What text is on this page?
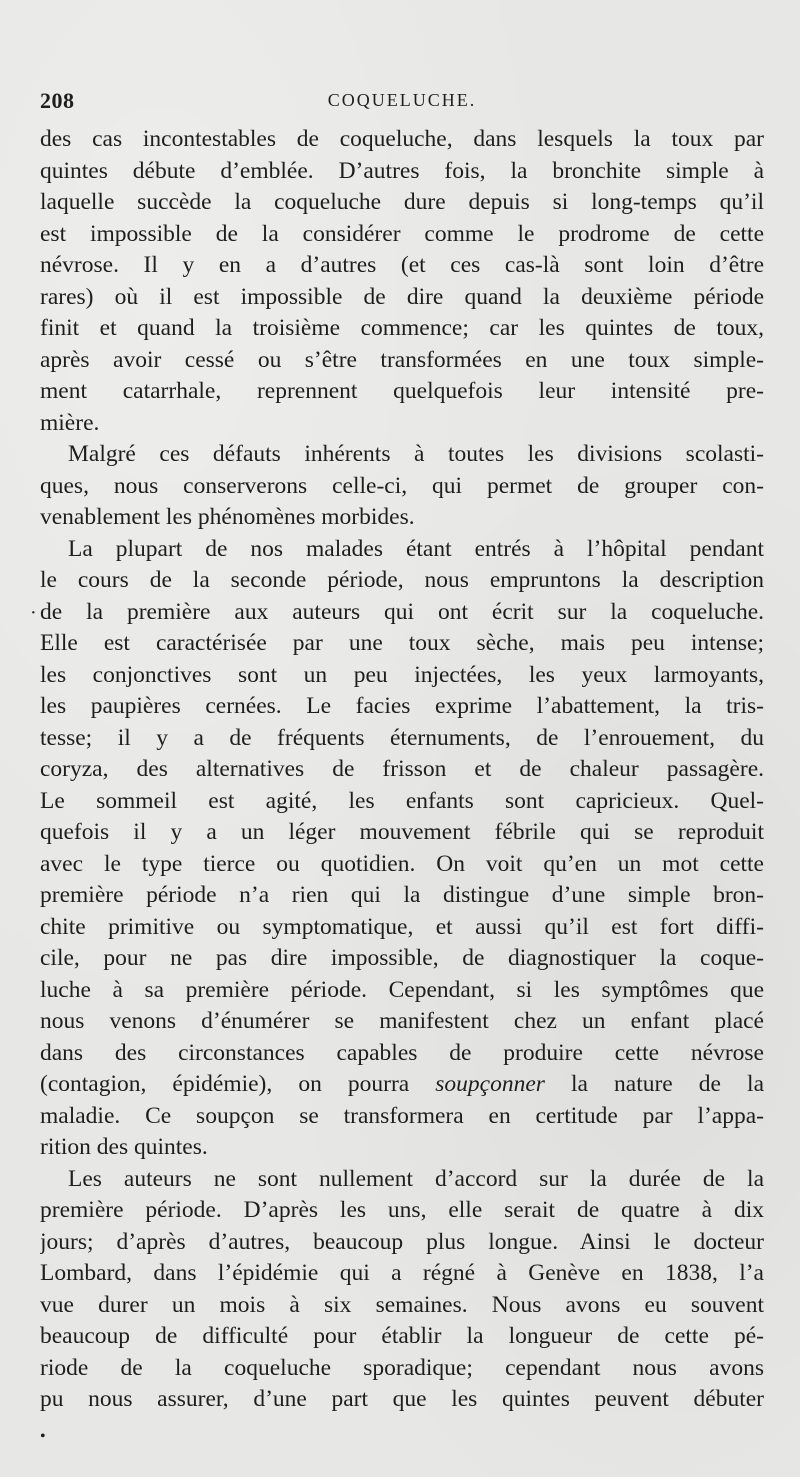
208	COQUELUCHE.
des cas incontestables de coqueluche, dans lesquels la toux par
quintes débute d’emblée. D’autres fois, la bronchite simple à
laquelle succède la coqueluche dure depuis si long-temps qu’il
est impossible de la considérer comme le prodrome de cette
névrose. Il y en a d’autres (et ces cas-là sont loin d’être
rares) où il est impossible de dire quand la deuxième période
finit et quand la troisième commence; car les quintes de toux,
après avoir cessé ou s’être transformées en une toux simple-
ment catarrhale, reprennent quelquefois leur intensité pre-
mière.
Malgré ces défauts inhérents à toutes les divisions scolasti-
ques, nous conserverons celle-ci, qui permet de grouper con-
venablement les phénomènes morbides.
La plupart de nos malades étant entrés à l’hôpital pendant
le cours de la seconde période, nous empruntons la description
de la première aux auteurs qui ont écrit sur la coqueluche.
Elle est caractérisée par une toux sèche, mais peu intense;
les conjonctives sont un peu injectées, les yeux larmoyants,
les paupières cernées. Le facies exprime l’abattement, la tris-
tesse; il y a de fréquents éternuments, de l’enrouement, du
coryza, des alternatives de frisson et de chaleur passagère.
Le sommeil est agité, les enfants sont capricieux. Quel-
quefois il y a un léger mouvement fébrile qui se reproduit
avec le type tierce ou quotidien. On voit qu’en un mot cette
première période n’a rien qui la distingue d’une simple bron-
chite primitive ou symptomatique, et aussi qu’il est fort diffi-
cile, pour ne pas dire impossible, de diagnostiquer la coque-
luche à sa première période. Cependant, si les symptômes que
nous venons d’énumérer se manifestent chez un enfant placé
dans des circonstances capables de produire cette névrose
(contagion, épidémie), on pourra soupçonner la nature de la
maladie. Ce soupçon se transformera en certitude par l’appa-
rition des quintes.
Les auteurs ne sont nullement d’accord sur la durée de la
première période. D’après les uns, elle serait de quatre à dix
jours; d’après d’autres, beaucoup plus longue. Ainsi le docteur
Lombard, dans l’épidémie qui a régné à Genève en 1838, l’a
vue durer un mois à six semaines. Nous avons eu souvent
beaucoup de difficulté pour établir la longueur de cette pé-
riode de la coqueluche sporadique; cependant nous avons
pu nous assurer, d’une part que les quintes peuvent débuter
·
•
